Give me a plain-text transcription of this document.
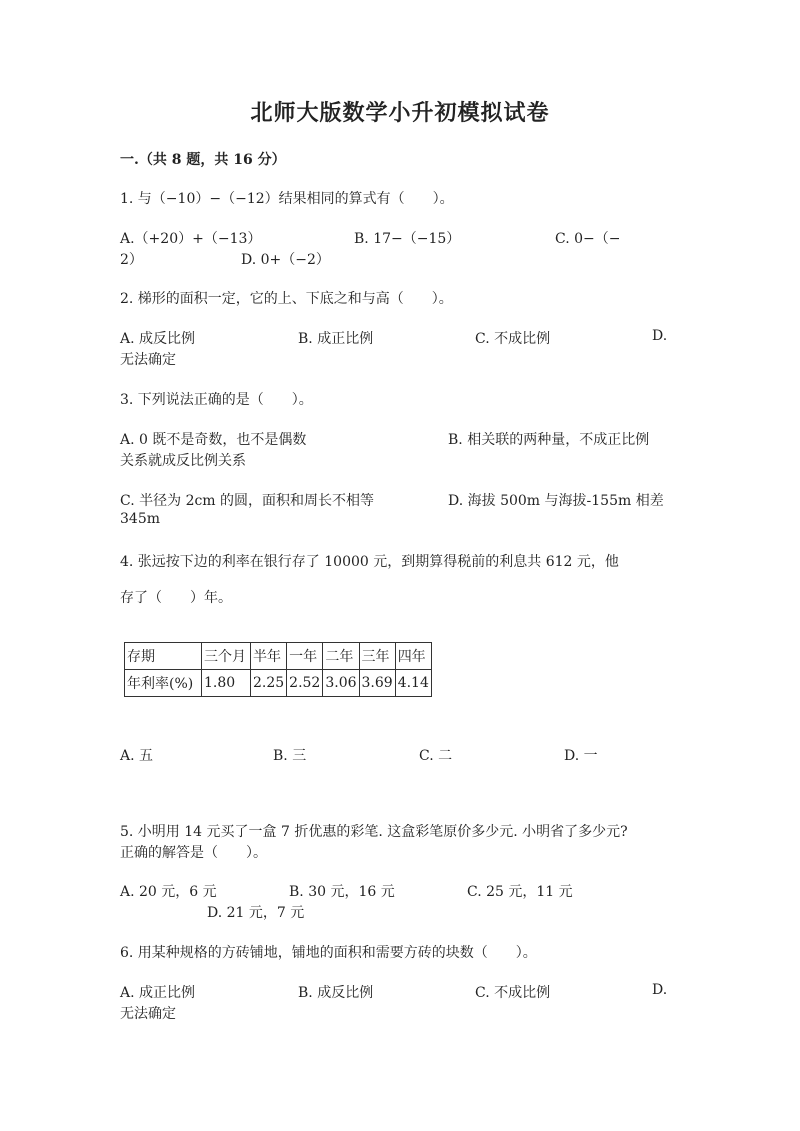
北师大版数学小升初模拟试卷
一.（共 8 题，共 16 分）
1. 与（−10）−（−12）结果相同的算式有（　　）。
A.（+20）+（−13）	B. 17−（−15）	C. 0−（−
2）	D. 0+（−2）
2. 梯形的面积一定，它的上、下底之和与高（　　）。
A. 成反比例	B. 成正比例	C. 不成比例	D.
无法确定
3. 下列说法正确的是（　　）。
A. 0 既不是奇数，也不是偶数	B. 相关联的两种量，不成正比例
关系就成反比例关系
C. 半径为 2cm 的圆，面积和周长不相等	D. 海拔 500m 与海拔-155m 相差
345m
4. 张远按下边的利率在银行存了 10000 元，到期算得税前的利息共 612 元，他
存了（　　）年。
存期	三个月	半年	一年	二年	三年	四年
年利率(%)	1.80	2.25	2.52	3.06	3.69	4.14
A. 五	B. 三	C. 二	D. 一
5. 小明用 14 元买了一盒 7 折优惠的彩笔. 这盒彩笔原价多少元. 小明省了多少元?
正确的解答是（　　）。
A. 20 元，6 元	B. 30 元，16 元	C. 25 元，11 元
D. 21 元，7 元
6. 用某种规格的方砖铺地，铺地的面积和需要方砖的块数（　　）。
A. 成正比例	B. 成反比例	C. 不成比例	D.
无法确定
